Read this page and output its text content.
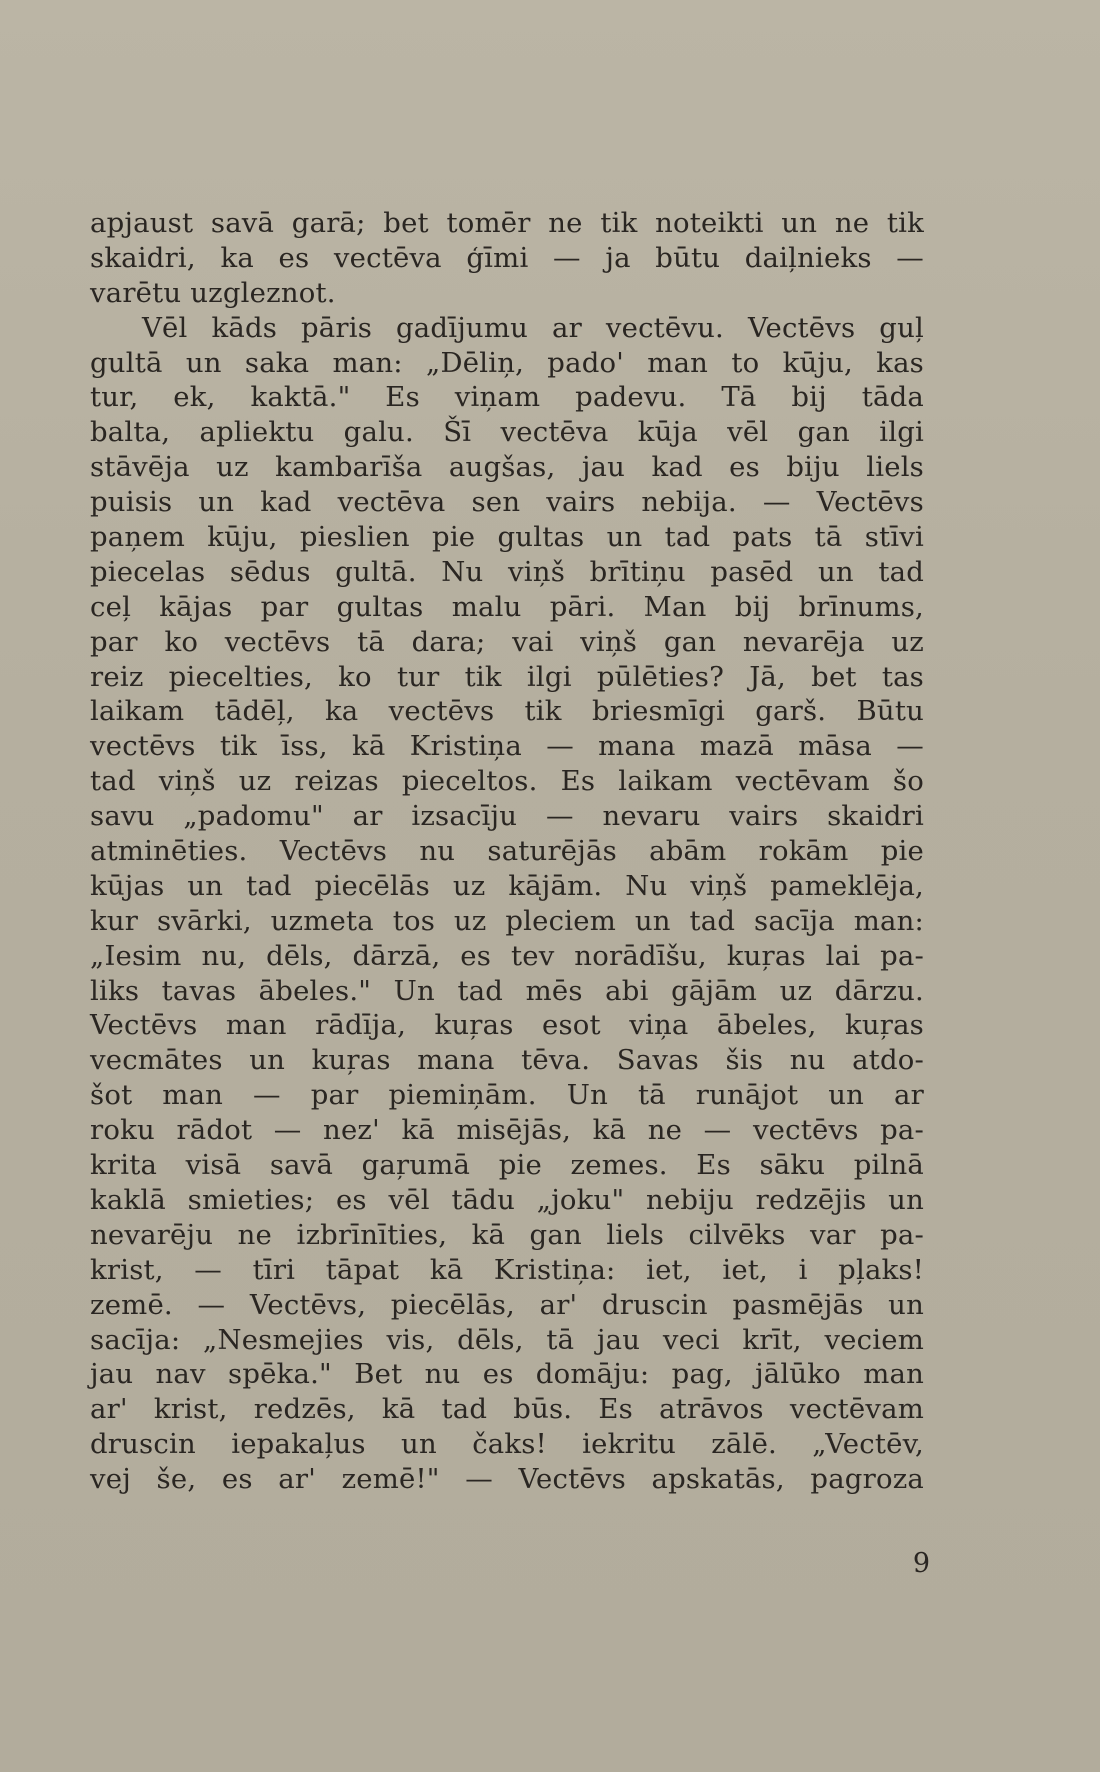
apjaust savā garā; bet tomēr ne tik noteikti un ne tik
skaidri, ka es vectēva ģīmi — ja būtu daiļnieks —
varētu uzgleznot.
Vēl kāds pāris gadījumu ar vectēvu. Vectēvs guļ
gultā un saka man: „Dēliņ, pado' man to kūju, kas
tur, ek, kaktā." Es viņam padevu. Tā bij tāda
balta, apliektu galu. Šī vectēva kūja vēl gan ilgi
stāvēja uz kambarīša augšas, jau kad es biju liels
puisis un kad vectēva sen vairs nebija. — Vectēvs
paņem kūju, pieslien pie gultas un tad pats tā stīvi
piecelas sēdus gultā. Nu viņš brītiņu pasēd un tad
ceļ kājas par gultas malu pāri. Man bij brīnums,
par ko vectēvs tā dara; vai viņš gan nevarēja uz
reiz piecelties, ko tur tik ilgi pūlēties? Jā, bet tas
laikam tādēļ, ka vectēvs tik briesmīgi garš. Būtu
vectēvs tik īss, kā Kristiņa — mana mazā māsa —
tad viņš uz reizas pieceltos. Es laikam vectēvam šo
savu „padomu" ar izsacīju — nevaru vairs skaidri
atminēties. Vectēvs nu saturējās abām rokām pie
kūjas un tad piecēlās uz kājām. Nu viņš pameklēja,
kur svārki, uzmeta tos uz pleciem un tad sacīja man:
„Iesim nu, dēls, dārzā, es tev norādīšu, kuŗas lai pa-
liks tavas ābeles." Un tad mēs abi gājām uz dārzu.
Vectēvs man rādīja, kuŗas esot viņa ābeles, kuŗas
vecmātes un kuŗas mana tēva. Savas šis nu atdo-
šot man — par piemiņām. Un tā runājot un ar
roku rādot — nez' kā misējās, kā ne — vectēvs pa-
krita visā savā gaŗumā pie zemes. Es sāku pilnā
kaklā smieties; es vēl tādu „joku" nebiju redzējis un
nevarēju ne izbrīnīties, kā gan liels cilvēks var pa-
krist, — tīri tāpat kā Kristiņa: iet, iet, i pļaks!
zemē. — Vectēvs, piecēlās, ar' druscin pasmējās un
sacīja: „Nesmejies vis, dēls, tā jau veci krīt, veciem
jau nav spēka." Bet nu es domāju: pag, jālūko man
ar' krist, redzēs, kā tad būs. Es atrāvos vectēvam
druscin iepakaļus un čaks! iekritu zālē. „Vectēv,
vej še, es ar' zemē!" — Vectēvs apskatās, pagroza
9
